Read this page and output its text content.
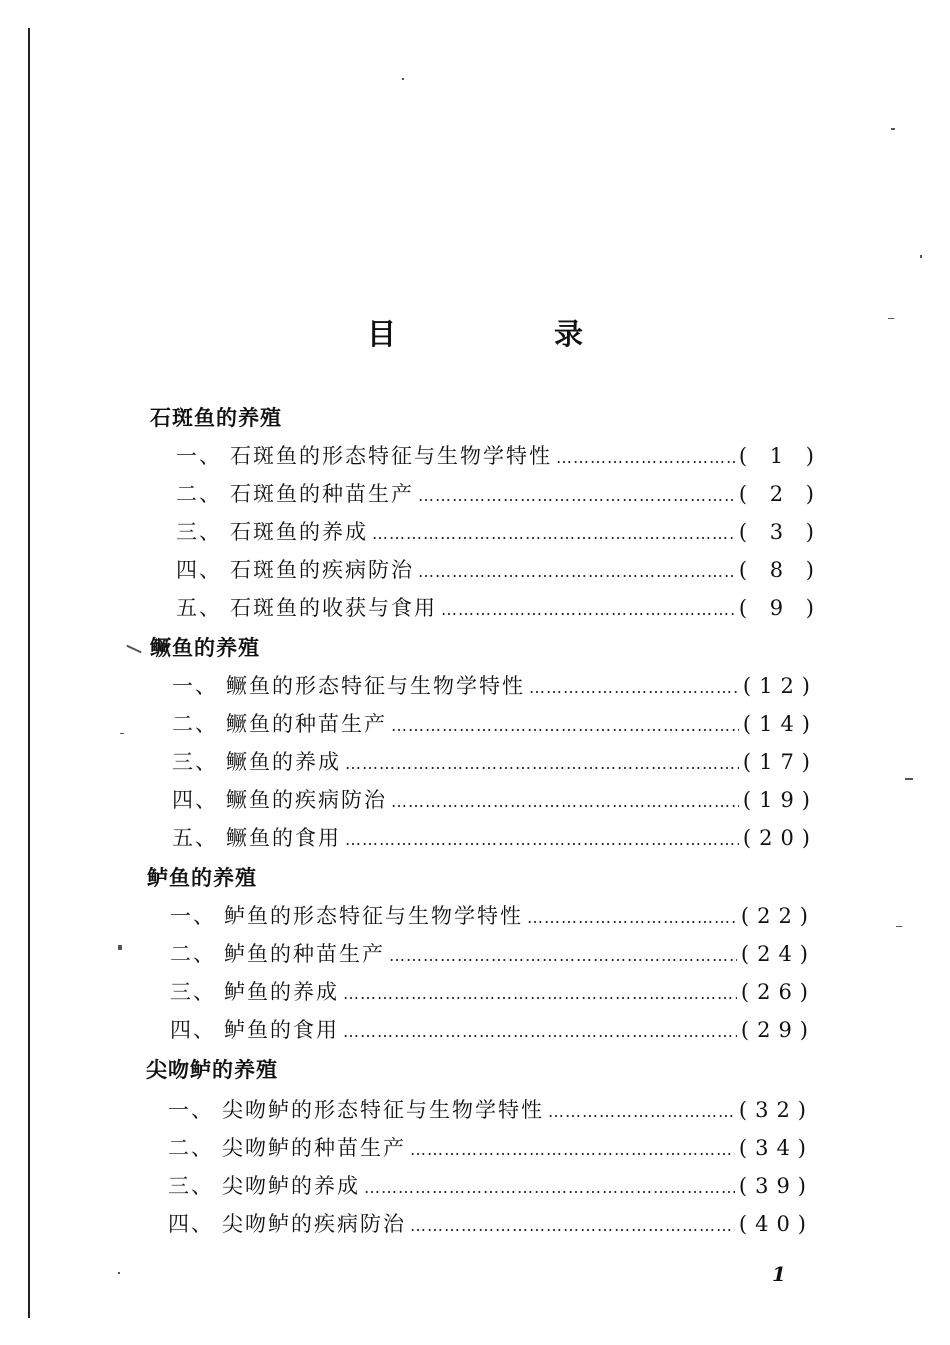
目 录
石斑鱼的养殖
一、 石斑鱼的形态特征与生物学特性 …………………………………………………………………………………………………………………………………………………………	( 1 )
二、 石斑鱼的种苗生产 …………………………………………………………………………………………………………………………………………………………	( 2 )
三、 石斑鱼的养成 …………………………………………………………………………………………………………………………………………………………	( 3 )
四、 石斑鱼的疾病防治 …………………………………………………………………………………………………………………………………………………………	( 8 )
五、 石斑鱼的收获与食用 …………………………………………………………………………………………………………………………………………………………	( 9 )
鳜鱼的养殖
一、 鳜鱼的形态特征与生物学特性 …………………………………………………………………………………………………………………………………………………………	(12)
二、 鳜鱼的种苗生产 …………………………………………………………………………………………………………………………………………………………	(14)
三、 鳜鱼的养成 …………………………………………………………………………………………………………………………………………………………	(17)
四、 鳜鱼的疾病防治 …………………………………………………………………………………………………………………………………………………………	(19)
五、 鳜鱼的食用 …………………………………………………………………………………………………………………………………………………………	(20)
鲈鱼的养殖
一、 鲈鱼的形态特征与生物学特性 …………………………………………………………………………………………………………………………………………………………	(22)
二、 鲈鱼的种苗生产 …………………………………………………………………………………………………………………………………………………………	(24)
三、 鲈鱼的养成 …………………………………………………………………………………………………………………………………………………………	(26)
四、 鲈鱼的食用 …………………………………………………………………………………………………………………………………………………………	(29)
尖吻鲈的养殖
一、 尖吻鲈的形态特征与生物学特性 …………………………………………………………………………………………………………………………………………………………	(32)
二、 尖吻鲈的种苗生产 …………………………………………………………………………………………………………………………………………………………	(34)
三、 尖吻鲈的养成 …………………………………………………………………………………………………………………………………………………………	(39)
四、 尖吻鲈的疾病防治 …………………………………………………………………………………………………………………………………………………………	(40)
1
